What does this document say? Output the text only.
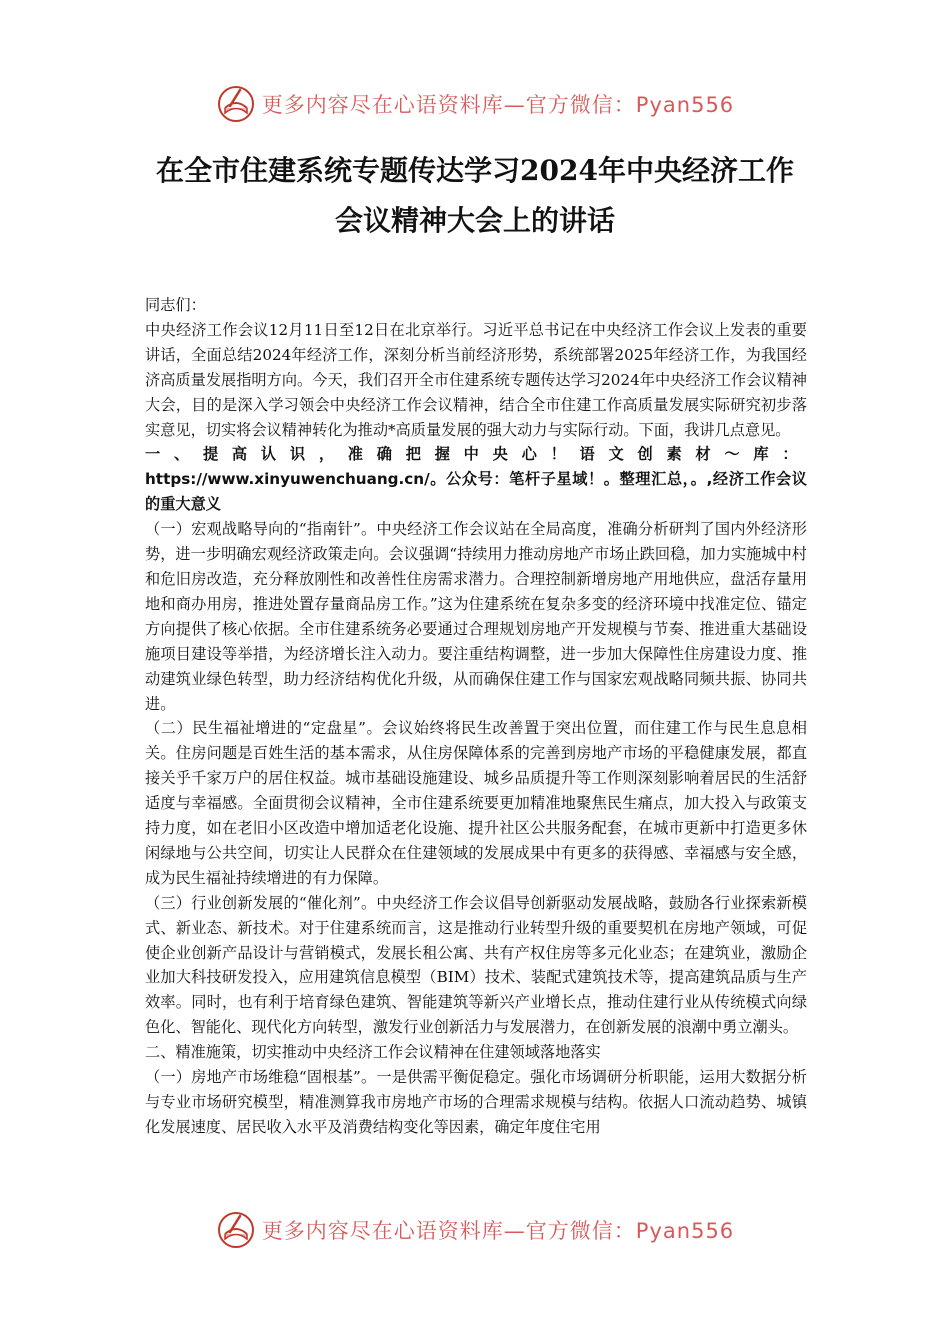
更多内容尽在心语资料库—官方微信：Pyan556
在全市住建系统专题传达学习2024年中央经济工作
会议精神大会上的讲话

同志们：

中央经济工作会议12月11日至12日在北京举行。习近平总书记在中央经济工作会议上发表的重要讲话，全面总结2024年经济工作，深刻分析当前经济形势，系统部署2025年经济工作，为我国经济高质量发展指明方向。今天，我们召开全市住建系统专题传达学习2024年中央经济工作会议精神大会，目的是深入学习领会中央经济工作会议精神，结合全市住建工作高质量发展实际研究初步落实意见，切实将会议精神转化为推动*高质量发展的强大动力与实际行动。下面，我讲几点意见。

一、提高认识，准确把握中央心！语文创素材～库：https://www.xinyuwenchuang.cn/。公众号：笔杆子星域！。整理汇总，。,经济工作会议的重大意义

（一）宏观战略导向的“指南针”。中央经济工作会议站在全局高度，准确分析研判了国内外经济形势，进一步明确宏观经济政策走向。会议强调“持续用力推动房地产市场止跌回稳，加力实施城中村和危旧房改造，充分释放刚性和改善性住房需求潜力。合理控制新增房地产用地供应，盘活存量用地和商办用房，推进处置存量商品房工作。”这为住建系统在复杂多变的经济环境中找准定位、锚定方向提供了核心依据。全市住建系统务必要通过合理规划房地产开发规模与节奏、推进重大基础设施项目建设等举措，为经济增长注入动力。要注重结构调整，进一步加大保障性住房建设力度、推动建筑业绿色转型，助力经济结构优化升级，从而确保住建工作与国家宏观战略同频共振、协同共进。

（二）民生福祉增进的“定盘星”。会议始终将民生改善置于突出位置，而住建工作与民生息息相关。住房问题是百姓生活的基本需求，从住房保障体系的完善到房地产市场的平稳健康发展，都直接关乎千家万户的居住权益。城市基础设施建设、城乡品质提升等工作则深刻影响着居民的生活舒适度与幸福感。全面贯彻会议精神，全市住建系统要更加精准地聚焦民生痛点，加大投入与政策支持力度，如在老旧小区改造中增加适老化设施、提升社区公共服务配套，在城市更新中打造更多休闲绿地与公共空间，切实让人民群众在住建领域的发展成果中有更多的获得感、幸福感与安全感，成为民生福祉持续增进的有力保障。

（三）行业创新发展的“催化剂”。中央经济工作会议倡导创新驱动发展战略，鼓励各行业探索新模式、新业态、新技术。对于住建系统而言，这是推动行业转型升级的重要契机在房地产领域，可促使企业创新产品设计与营销模式，发展长租公寓、共有产权住房等多元化业态；在建筑业，激励企业加大科技研发投入，应用建筑信息模型（BIM）技术、装配式建筑技术等，提高建筑品质与生产效率。同时，也有利于培育绿色建筑、智能建筑等新兴产业增长点，推动住建行业从传统模式向绿色化、智能化、现代化方向转型，激发行业创新活力与发展潜力，在创新发展的浪潮中勇立潮头。

二、精准施策，切实推动中央经济工作会议精神在住建领域落地落实

（一）房地产市场维稳“固根基”。一是供需平衡促稳定。强化市场调研分析职能，运用大数据分析与专业市场研究模型，精准测算我市房地产市场的合理需求规模与结构。依据人口流动趋势、城镇化发展速度、居民收入水平及消费结构变化等因素，确定年度住宅用

更多内容尽在心语资料库—官方微信：Pyan556
